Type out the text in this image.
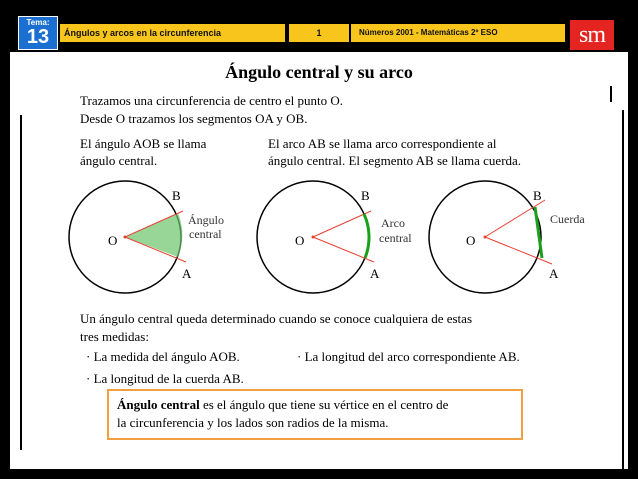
Tema:
13	Ángulos y arcos en la circunferencia	1	Números 2001 - Matemáticas 2º ESO	sm
Ángulo central y su arco
Trazamos una circunferencia de centro el punto O.
Desde O trazamos los segmentos OA y OB.
El ángulo AOB se llama
ángulo central.
El arco AB se llama arco correspondiente al
ángulo central. El segmento AB se llama cuerda.
O
B
A
Ángulo
central	O
B
A
Arco
central	O
B
A
Cuerda
Un ángulo central queda determinado cuando se conoce cualquiera de estas
tres medidas:
· La medida del ángulo AOB.	· La longitud del arco correspondiente AB.
· La longitud de la cuerda AB.
Ángulo central es el ángulo que tiene su vértice en el centro de
la circunferencia y los lados son radios de la misma.
